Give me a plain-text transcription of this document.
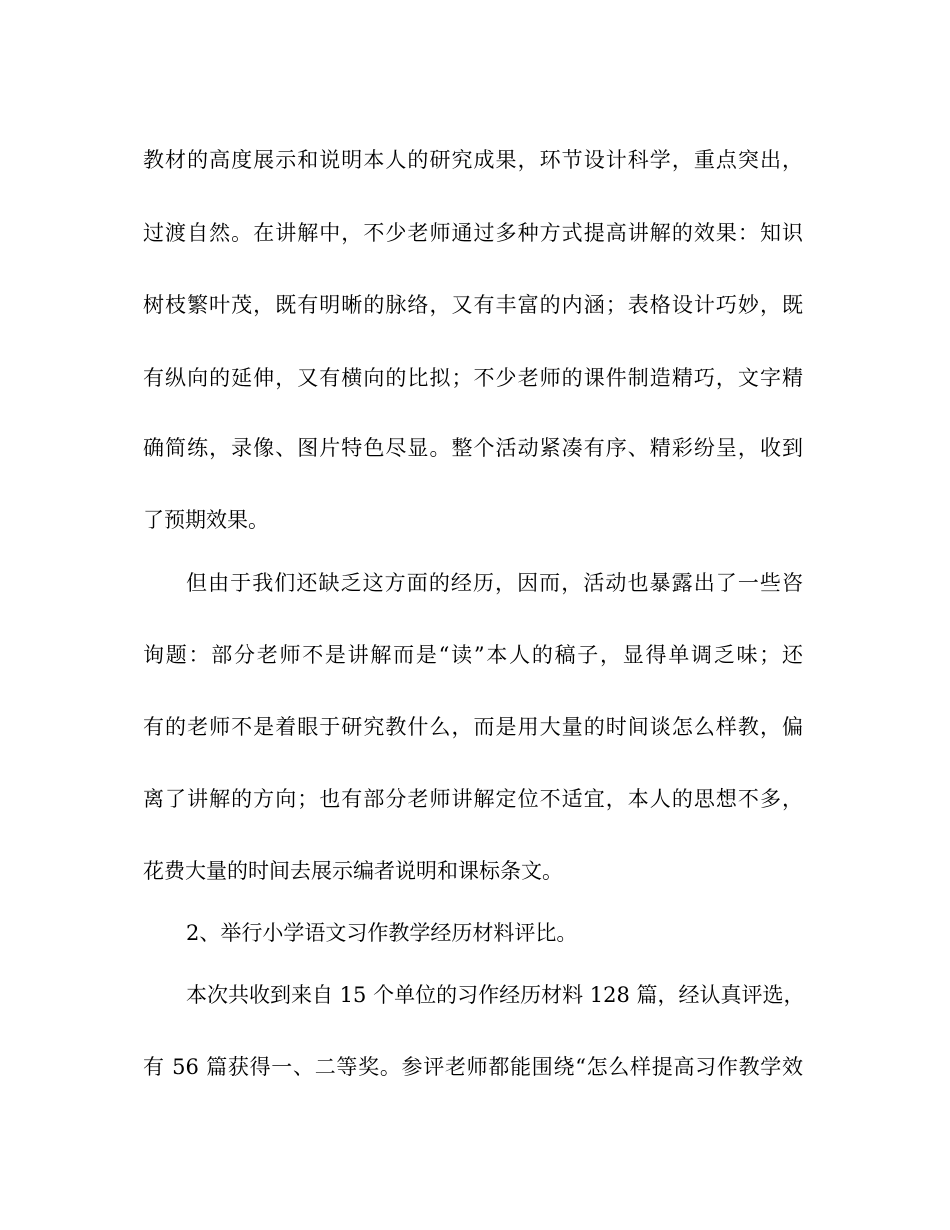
教材的高度展示和说明本人的研究成果，环节设计科学，重点突出，
过渡自然。在讲解中，不少老师通过多种方式提高讲解的效果：知识
树枝繁叶茂，既有明晰的脉络，又有丰富的内涵；表格设计巧妙，既
有纵向的延伸，又有横向的比拟；不少老师的课件制造精巧，文字精
确简练，录像、图片特色尽显。整个活动紧凑有序、精彩纷呈，收到
了预期效果。
但由于我们还缺乏这方面的经历，因而，活动也暴露出了一些咨
询题：部分老师不是讲解而是“读”本人的稿子，显得单调乏味；还
有的老师不是着眼于研究教什么，而是用大量的时间谈怎么样教，偏
离了讲解的方向；也有部分老师讲解定位不适宜，本人的思想不多，
花费大量的时间去展示编者说明和课标条文。
2、举行小学语文习作教学经历材料评比。
本次共收到来自 15 个单位的习作经历材料 128 篇，经认真评选，
有 56 篇获得一、二等奖。参评老师都能围绕“怎么样提高习作教学效
